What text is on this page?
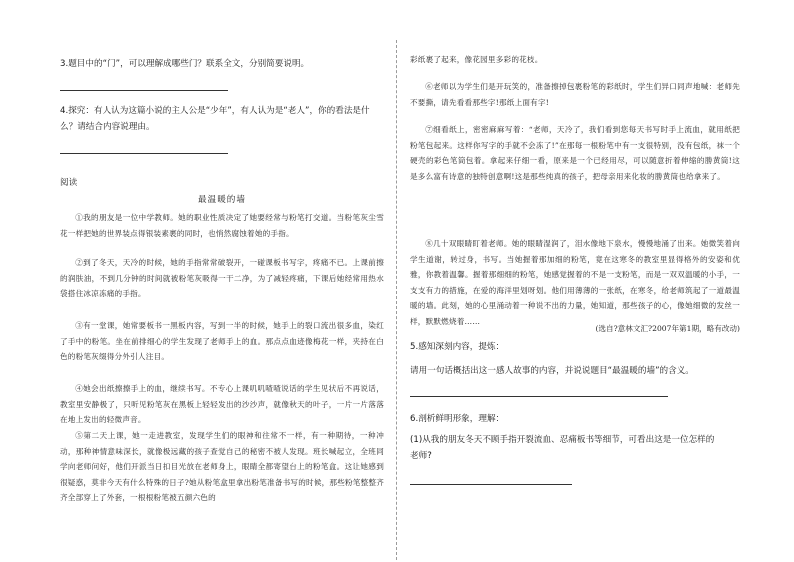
3.题目中的“门”，可以理解成哪些门？联系全文，分别简要说明。
4.探究：有人认为这篇小说的主人公是“少年”，有人认为是“老人”，你的看法是什么？请结合内容说理由。
阅读
最温暖的墙
①我的朋友是一位中学教师。她的职业性质决定了她要经常与粉笔打交道。当粉笔灰尘雪花一样把她的世界装点得银装素裹的同时，也悄然腐蚀着她的手指。
②到了冬天，天冷的时候，她的手指常常破裂开，一碰课板书写字，疼痛不已。上课前擦的润肤油，不到几分钟的时间就被粉笔灰吸得一干二净，为了减轻疼痛，下课后她经常用热水袋搭住冰凉冻痛的手指。
③有一堂课，她常要板书一黑板内容，写到一半的时候，她手上的裂口流出很多血，染红了手中的粉笔。坐在前排细心的学生发现了老师手上的血。那点点血迹像梅花一样，夹持在白色的粉笔灰缀得分外引人注目。
④她会出纸擦擦手上的血，继续书写。不专心上课叽叽喳喳说话的学生见状后不再说话，教室里安静极了，只听见粉笔灰在黑板上轻轻发出的沙沙声，就像秋天的叶子，一片一片落落在地上发出的轻微声音。
⑤第二天上课，她一走进教室，发现学生们的眼神和往常不一样，有一种期待，一种冲动，那种神情意味深长，就像极远藏的孩子查觉自己的秘密不被人发现。班长喊起立，全班同学向老师问好，他们开派当日扣目光放在老师身上，眼睛全都寄望台上的粉笔盒。这让她感到很疑惑，莫非今天有什么特殊的日子?她从粉笔盒里拿出粉笔准备书写的时候，那些粉笔整整齐齐全部穿上了外套，一根根粉笔被五颜六色的
彩纸裹了起来，像花园里多彩的花枝。
⑥老师以为学生们是开玩笑的，准备擦掉包裹粉笔的彩纸时，学生们异口同声地喊：老师先不要撕，请先看看那些字!那纸上面有字!
⑦细看纸上，密密麻麻写着：“老师，天冷了，我们看到您每天书写时手上流血，就用纸把粉笔包起来。这样你写字的手就不会冻了!”在那每一根粉笔中有一支很特别，没有包纸，袜一个硬壳的彩色笔筒包着。拿起来仔细一看，原来是一个已经用尽，可以随意折着伸缩的勝黄筒!这是多么富有诗意的独特创意啊!这是那些纯真的孩子，把母亲用来化妆的勝黄筒也给拿来了。
⑧几十双眼睛盯着老师。她的眼睛湿润了，泪水像地下泉水，慢慢地涌了出来。她微笑着向学生道谢，转过身，书写。当她握着那加细的粉笔，竟在这寒冬的教室里显得格外的安姿和优雅，你教着温馨。握着那细细的粉笔，她感觉握着的不是一支粉笔，而是一双双温暖的小手，一支支有力的措施，在爱的海洋里划呀划。他们用薄薄的一张纸，在寒冬，给老师筑起了一道最温暖的墙。此刻，她的心里涌动着一种说不出的力量，她知道，那些孩子的心，像她细微的发丝一样，默默燃烧着……
(选自?意林文汇?2007年第1期，略有改动)
5.感知深刻内容，提炼：
请用一句话概括出这一感人故事的内容，并说说题目“最温暖的墙”的含义。
6.剖析鲜明形象，理解：
(1)从我的朋友冬天不顾手指开裂流血、忍痛板书等细节，可看出这是一位怎样的老师?
